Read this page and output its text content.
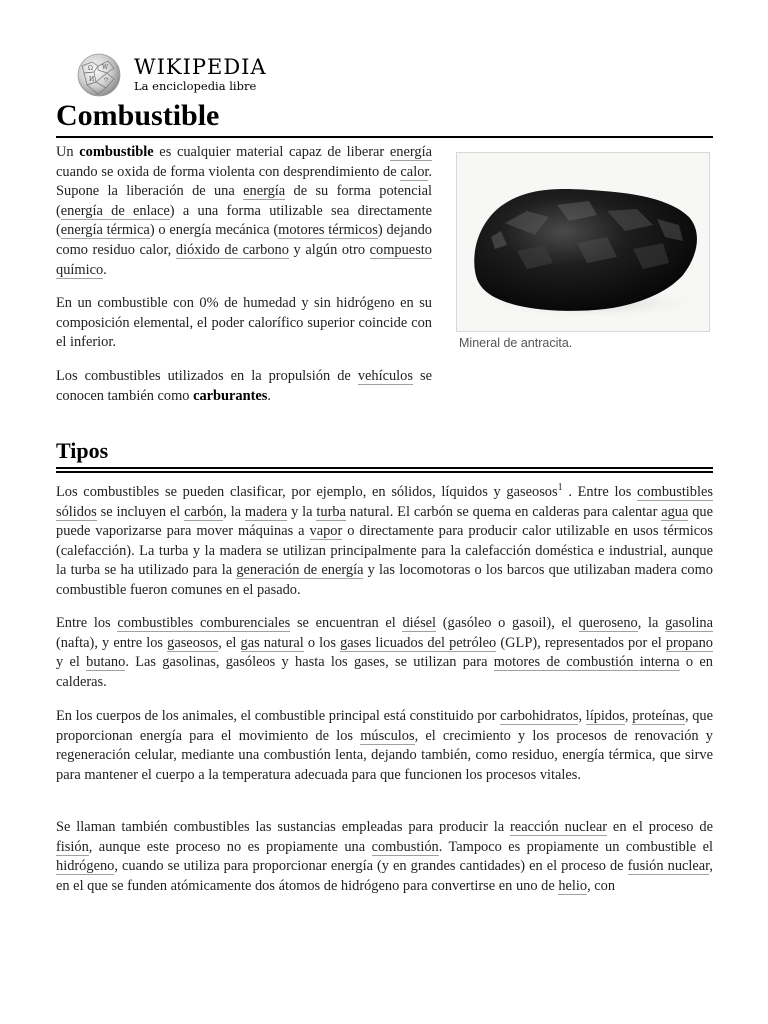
Ω W
И ウ
WIKIPEDIA
La enciclopedia libre
Combustible
Mineral de antracita.

Un combustible es cualquier material capaz de liberar energía cuando se oxida de forma violenta con desprendimiento de calor. Supone la liberación de una energía de su forma potencial (energía de enlace) a una forma utilizable sea directamente (energía térmica) o energía mecánica (motores térmicos) dejando como residuo calor, dióxido de carbono y algún otro compuesto químico.

En un combustible con 0% de humedad y sin hidrógeno en su composición elemental, el poder calorífico superior coincide con el inferior.

Los combustibles utilizados en la propulsión de vehículos se conocen también como carburantes.

Tipos

Los combustibles se pueden clasificar, por ejemplo, en sólidos, líquidos y gaseosos$^1$ . Entre los combustibles sólidos se incluyen el carbón, la madera y la turba natural. El carbón se quema en calderas para calentar agua que puede vaporizarse para mover máquinas a vapor o directamente para producir calor utilizable en usos térmicos (calefacción). La turba y la madera se utilizan principalmente para la calefacción doméstica e industrial, aunque la turba se ha utilizado para la generación de energía y las locomotoras o los barcos que utilizaban madera como combustible fueron comunes en el pasado.

Entre los combustibles comburenciales se encuentran el diésel (gasóleo o gasoil), el queroseno, la gasolina (nafta), y entre los gaseosos, el gas natural o los gases licuados del petróleo (GLP), representados por el propano y el butano. Las gasolinas, gasóleos y hasta los gases, se utilizan para motores de combustión interna o en calderas.

En los cuerpos de los animales, el combustible principal está constituido por carbohidratos, lípidos, proteínas, que proporcionan energía para el movimiento de los músculos, el crecimiento y los procesos de renovación y regeneración celular, mediante una combustión lenta, dejando también, como residuo, energía térmica, que sirve para mantener el cuerpo a la temperatura adecuada para que funcionen los procesos vitales.

Se llaman también combustibles las sustancias empleadas para producir la reacción nuclear en el proceso de fisión, aunque este proceso no es propiamente una combustión. Tampoco es propiamente un combustible el hidrógeno, cuando se utiliza para proporcionar energía (y en grandes cantidades) en el proceso de fusión nuclear, en el que se funden atómicamente dos átomos de hidrógeno para convertirse en uno de helio, con
